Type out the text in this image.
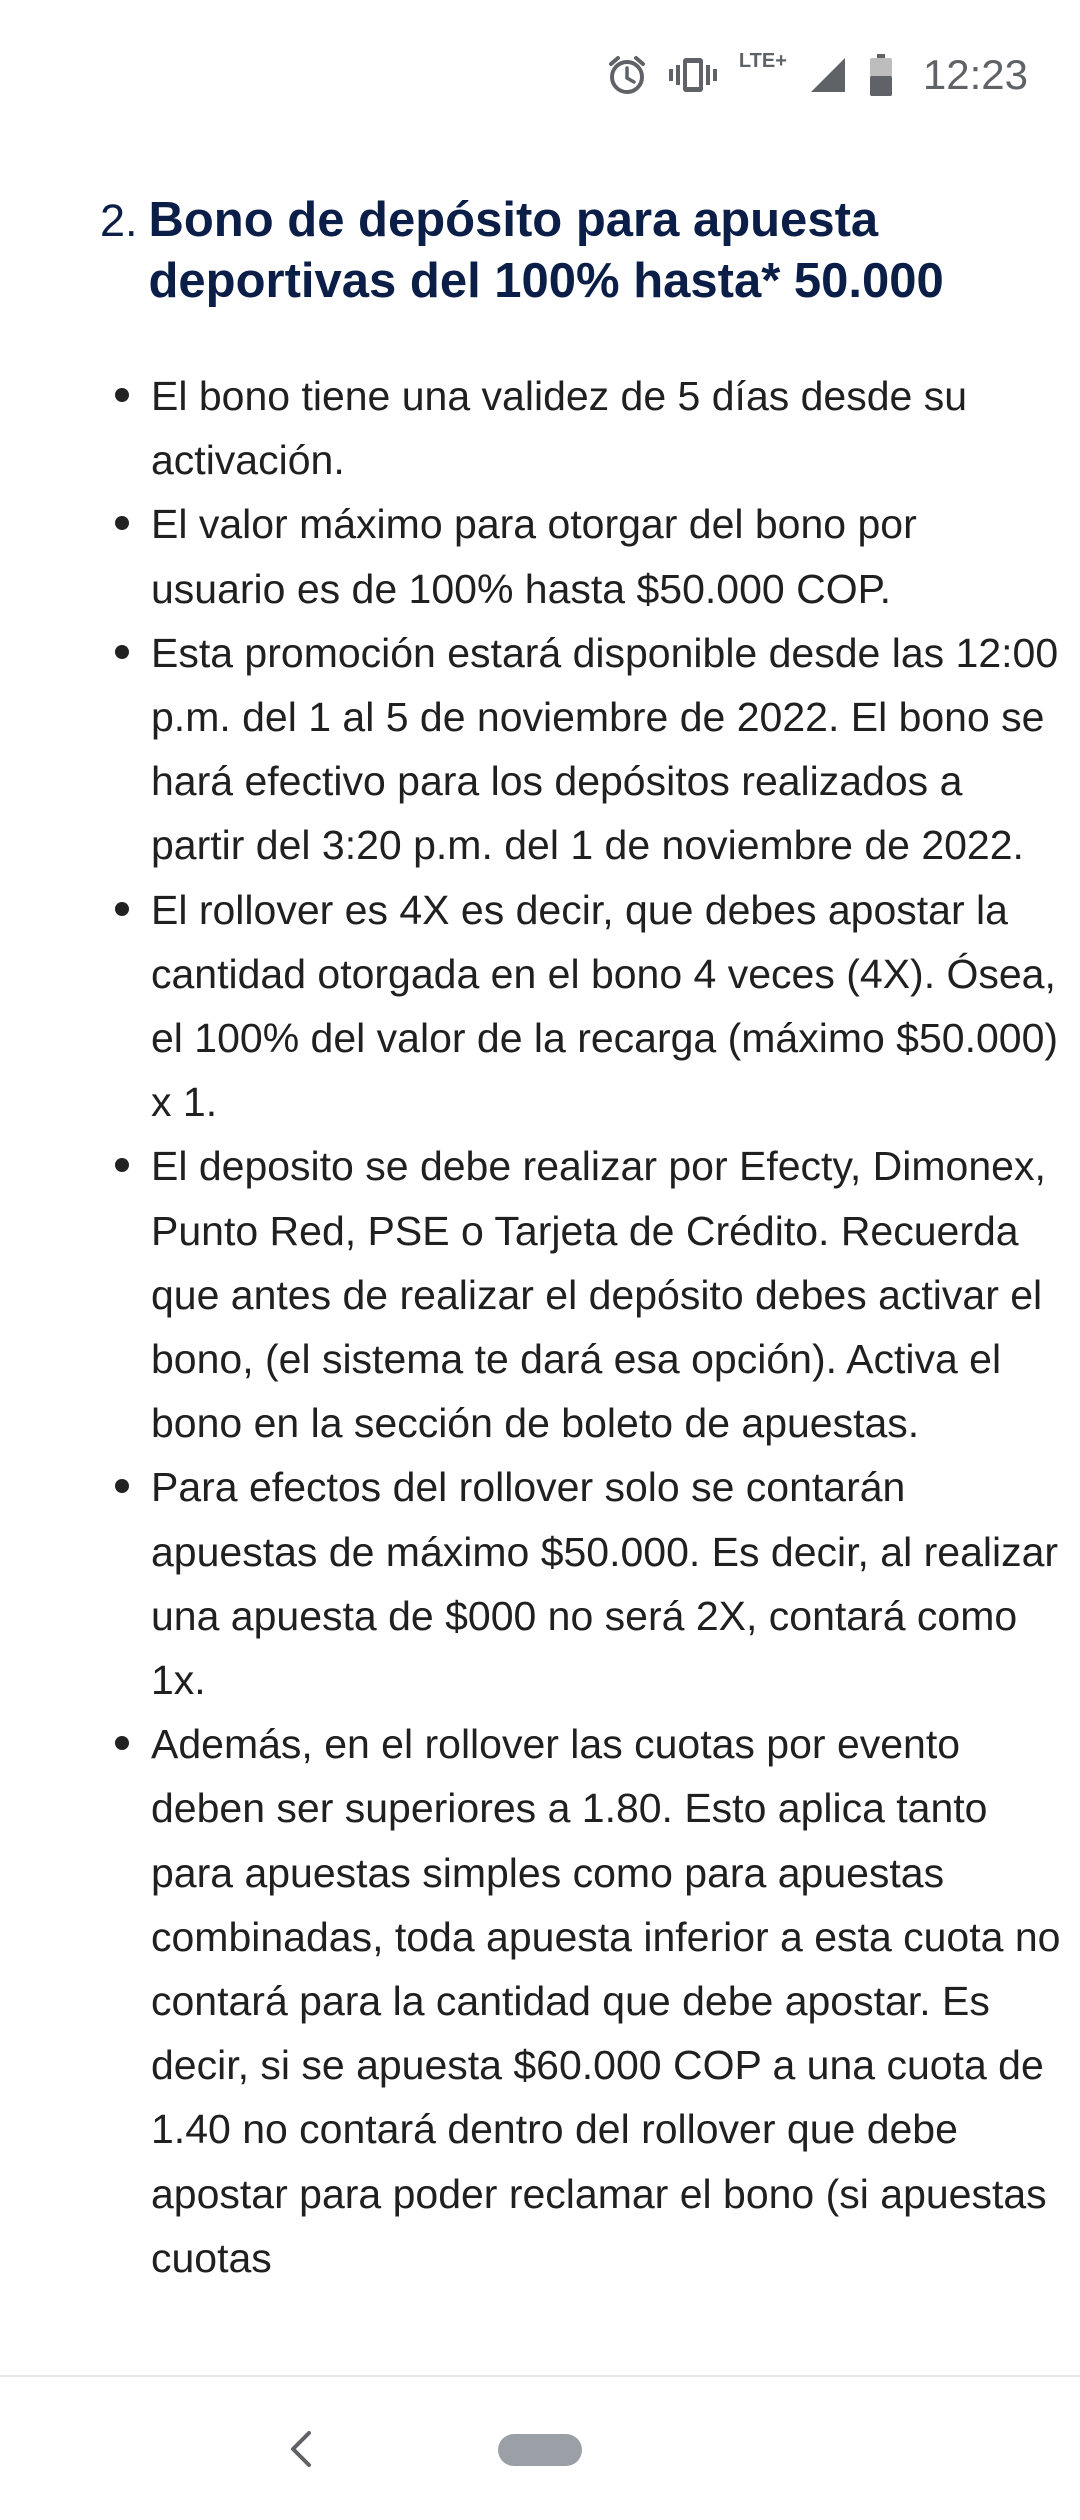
LTE+	12:23
2. Bono de depósito para apuesta deportivas del 100% hasta* 50.000
El bono tiene una validez de 5 días desde su activación.
El valor máximo para otorgar del bono por usuario es de 100% hasta $50.000 COP.
Esta promoción estará disponible desde las 12:00 p.m. del 1 al 5 de noviembre de 2022. El bono se hará efectivo para los depósitos realizados a partir del 3:20 p.m. del 1 de noviembre de 2022.
El rollover es 4X es decir, que debes apostar la cantidad otorgada en el bono 4 veces (4X). Ósea, el 100% del valor de la recarga (máximo $50.000) x 1.
El deposito se debe realizar por Efecty, Dimonex, Punto Red, PSE o Tarjeta de Crédito. Recuerda que antes de realizar el depósito debes activar el bono, (el sistema te dará esa opción). Activa el bono en la sección de boleto de apuestas.
Para efectos del rollover solo se contarán apuestas de máximo $50.000. Es decir, al realizar una apuesta de $000 no será 2X, contará como 1x.
Además, en el rollover las cuotas por evento deben ser superiores a 1.80. Esto aplica tanto para apuestas simples como para apuestas combinadas, toda apuesta inferior a esta cuota no contará para la cantidad que debe apostar. Es decir, si se apuesta $60.000 COP a una cuota de 1.40 no contará dentro del rollover que debe apostar para poder reclamar el bono (si apuestas cuotas
